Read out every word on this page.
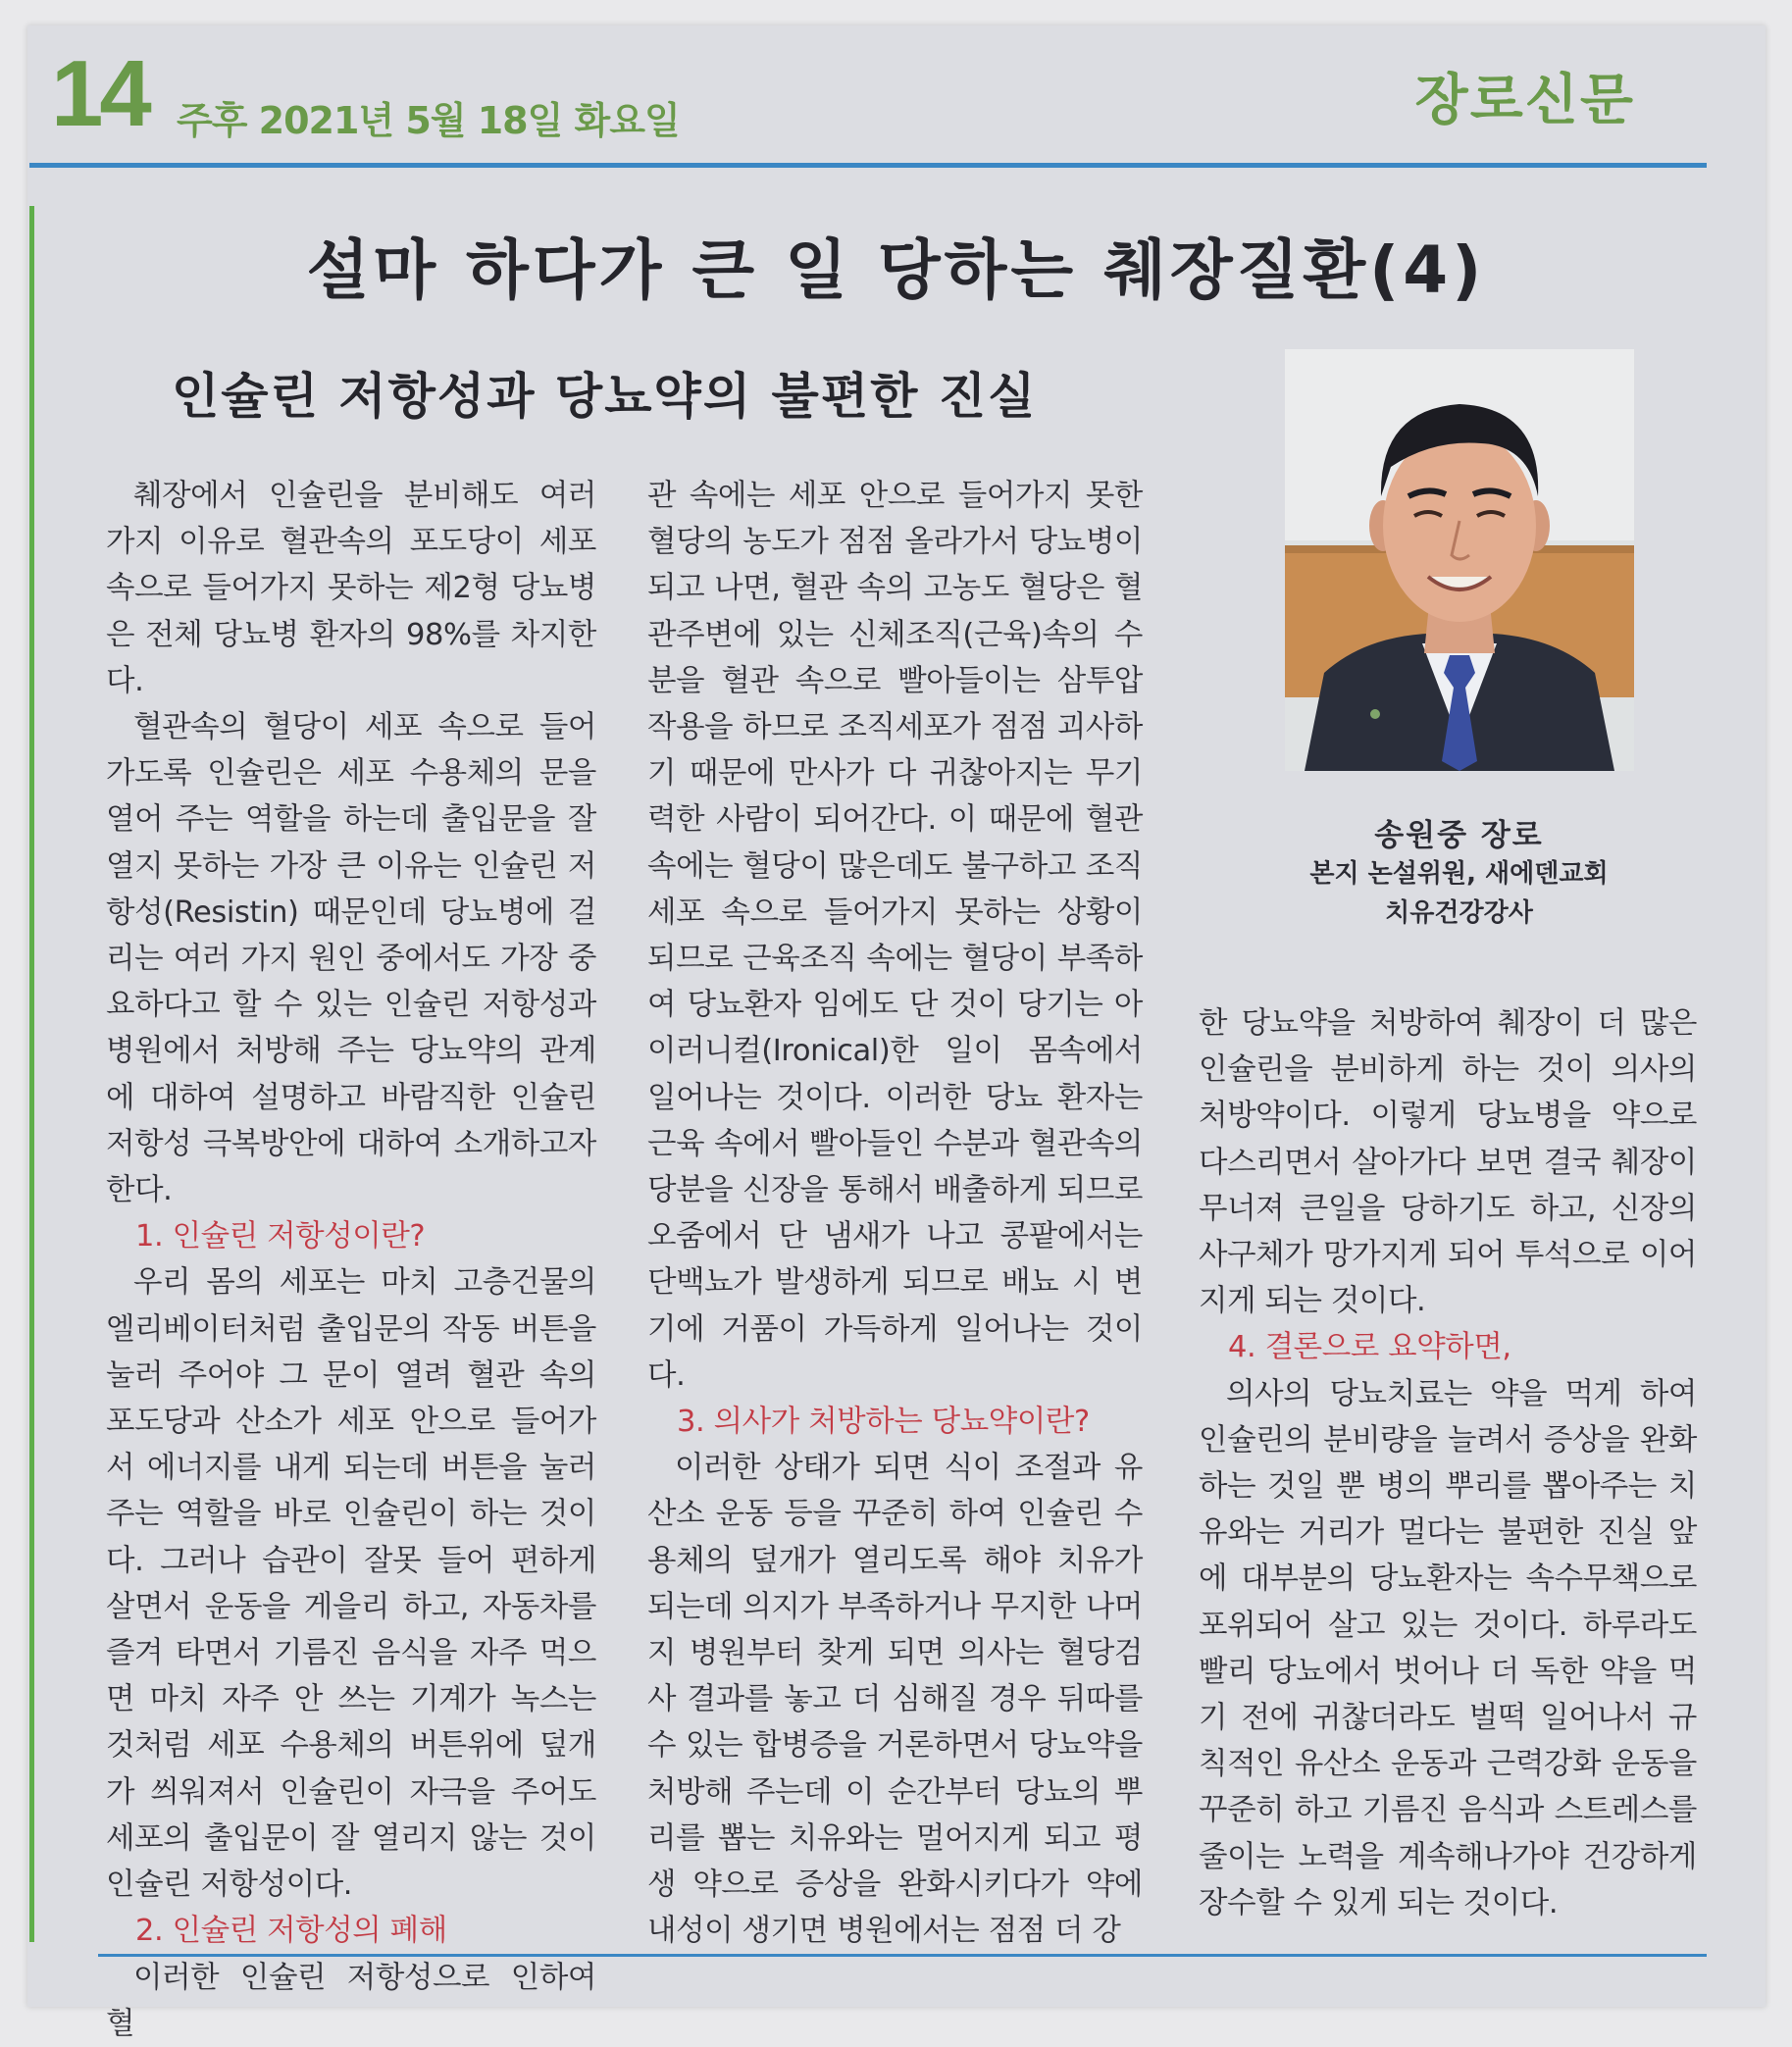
14 주후 2021년 5월 18일 화요일	장로신문
설마 하다가 큰 일 당하는 췌장질환(4)
인슐린 저항성과 당뇨약의 불편한 진실
송원중 장로
본지 논설위원, 새에덴교회
치유건강강사

췌장에서 인슐린을 분비해도 여러 가지 이유로 혈관속의 포도당이 세포속으로 들어가지 못하는 제2형 당뇨병은 전체 당뇨병 환자의 98%를 차지한다.

혈관속의 혈당이 세포 속으로 들어가도록 인슐린은 세포 수용체의 문을 열어 주는 역할을 하는데 출입문을 잘 열지 못하는 가장 큰 이유는 인슐린 저항성(Resistin) 때문인데 당뇨병에 걸리는 여러 가지 원인 중에서도 가장 중요하다고 할 수 있는 인슐린 저항성과 병원에서 처방해 주는 당뇨약의 관계에 대하여 설명하고 바람직한 인슐린 저항성 극복방안에 대하여 소개하고자 한다.

1. 인슐린 저항성이란?

우리 몸의 세포는 마치 고층건물의 엘리베이터처럼 출입문의 작동 버튼을 눌러 주어야 그 문이 열려 혈관 속의 포도당과 산소가 세포 안으로 들어가서 에너지를 내게 되는데 버튼을 눌러 주는 역할을 바로 인슐린이 하는 것이다. 그러나 습관이 잘못 들어 편하게 살면서 운동을 게을리 하고, 자동차를 즐겨 타면서 기름진 음식을 자주 먹으면 마치 자주 안 쓰는 기계가 녹스는 것처럼 세포 수용체의 버튼위에 덮개가 씌워져서 인슐린이 자극을 주어도 세포의 출입문이 잘 열리지 않는 것이 인슐린 저항성이다.

2. 인슐린 저항성의 폐해

이러한 인슐린 저항성으로 인하여 혈

관 속에는 세포 안으로 들어가지 못한 혈당의 농도가 점점 올라가서 당뇨병이 되고 나면, 혈관 속의 고농도 혈당은 혈관주변에 있는 신체조직(근육)속의 수분을 혈관 속으로 빨아들이는 삼투압 작용을 하므로 조직세포가 점점 괴사하기 때문에 만사가 다 귀찮아지는 무기력한 사람이 되어간다. 이 때문에 혈관 속에는 혈당이 많은데도 불구하고 조직세포 속으로 들어가지 못하는 상황이 되므로 근육조직 속에는 혈당이 부족하여 당뇨환자 임에도 단 것이 당기는 아이러니컬(Ironical)한 일이 몸속에서 일어나는 것이다. 이러한 당뇨 환자는 근육 속에서 빨아들인 수분과 혈관속의 당분을 신장을 통해서 배출하게 되므로 오줌에서 단 냄새가 나고 콩팥에서는 단백뇨가 발생하게 되므로 배뇨 시 변기에 거품이 가득하게 일어나는 것이다.

3. 의사가 처방하는 당뇨약이란?

이러한 상태가 되면 식이 조절과 유산소 운동 등을 꾸준히 하여 인슐린 수용체의 덮개가 열리도록 해야 치유가 되는데 의지가 부족하거나 무지한 나머지 병원부터 찾게 되면 의사는 혈당검사 결과를 놓고 더 심해질 경우 뒤따를 수 있는 합병증을 거론하면서 당뇨약을 처방해 주는데 이 순간부터 당뇨의 뿌리를 뽑는 치유와는 멀어지게 되고 평생 약으로 증상을 완화시키다가 약에 내성이 생기면 병원에서는 점점 더 강

한 당뇨약을 처방하여 췌장이 더 많은 인슐린을 분비하게 하는 것이 의사의 처방약이다. 이렇게 당뇨병을 약으로 다스리면서 살아가다 보면 결국 췌장이 무너져 큰일을 당하기도 하고, 신장의 사구체가 망가지게 되어 투석으로 이어지게 되는 것이다.

4. 결론으로 요약하면,

의사의 당뇨치료는 약을 먹게 하여 인슐린의 분비량을 늘려서 증상을 완화하는 것일 뿐 병의 뿌리를 뽑아주는 치유와는 거리가 멀다는 불편한 진실 앞에 대부분의 당뇨환자는 속수무책으로 포위되어 살고 있는 것이다. 하루라도 빨리 당뇨에서 벗어나 더 독한 약을 먹기 전에 귀찮더라도 벌떡 일어나서 규칙적인 유산소 운동과 근력강화 운동을 꾸준히 하고 기름진 음식과 스트레스를 줄이는 노력을 계속해나가야 건강하게 장수할 수 있게 되는 것이다.
